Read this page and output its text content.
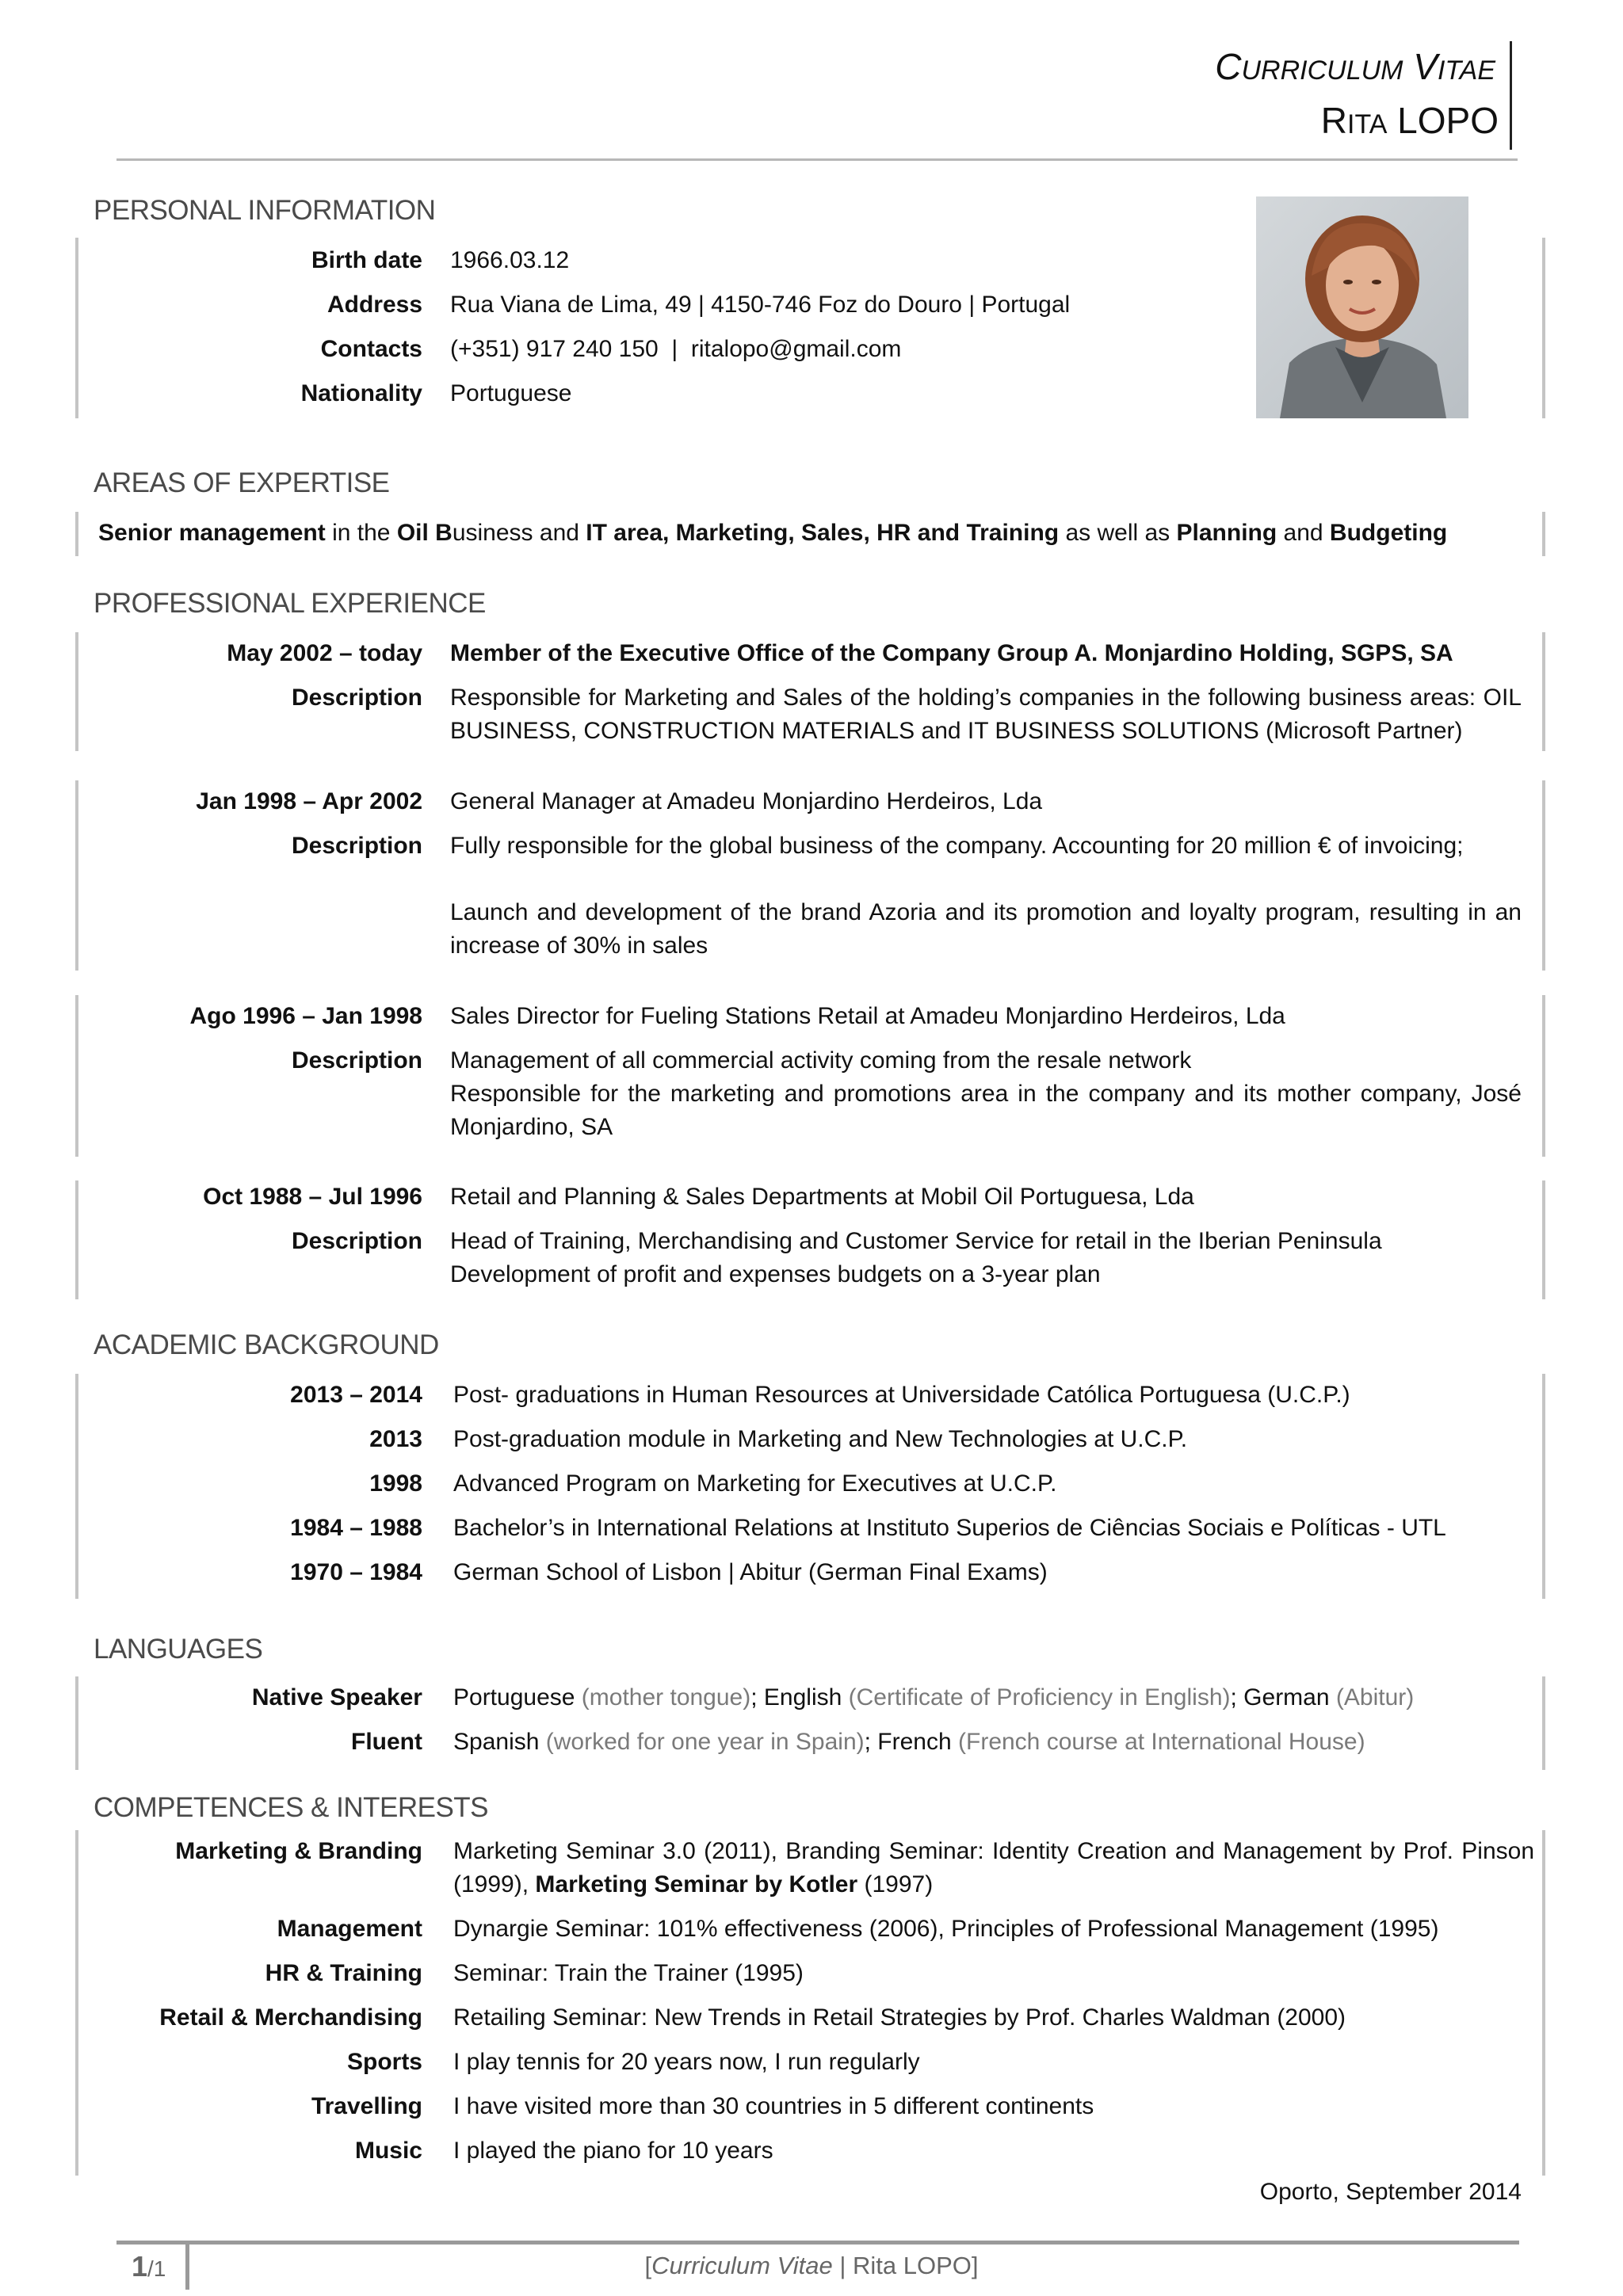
CURRICULUM VITAE
RITA LOPO
PERSONAL INFORMATION
Birth date 1966.03.12
Address Rua Viana de Lima, 49 | 4150-746 Foz do Douro | Portugal
Contacts (+351) 917 240 150  |  ritalopo@gmail.com
Nationality Portuguese
AREAS OF EXPERTISE
Senior management in the Oil Business and IT area, Marketing, Sales, HR and Training as well as Planning and Budgeting
PROFESSIONAL EXPERIENCE
May 2002 – today Member of the Executive Office of the Company Group A. Monjardino Holding, SGPS, SA
Description Responsible for Marketing and Sales of the holding’s companies in the following business areas: OIL BUSINESS, CONSTRUCTION MATERIALS and IT BUSINESS SOLUTIONS (Microsoft Partner)
Jan 1998 – Apr 2002 General Manager at Amadeu Monjardino Herdeiros, Lda
Description Fully responsible for the global business of the company. Accounting for 20 million € of invoicing;
Launch and development of the brand Azoria and its promotion and loyalty program, resulting in an increase of 30% in sales
Ago 1996 – Jan 1998 Sales Director for Fueling Stations Retail at Amadeu Monjardino Herdeiros, Lda
Description Management of all commercial activity coming from the resale network
Responsible for the marketing and promotions area in the company and its mother company, José Monjardino, SA
Oct 1988 – Jul 1996 Retail and Planning & Sales Departments at Mobil Oil Portuguesa, Lda
Description Head of Training, Merchandising and Customer Service for retail in the Iberian Peninsula
Development of profit and expenses budgets on a 3-year plan
ACADEMIC BACKGROUND
2013 – 2014 Post- graduations in Human Resources at Universidade Católica Portuguesa (U.C.P.)
2013 Post-graduation module in Marketing and New Technologies at U.C.P.
1998 Advanced Program on Marketing for Executives at U.C.P.
1984 – 1988 Bachelor’s in International Relations at Instituto Superios de Ciências Sociais e Políticas - UTL
1970 – 1984 German School of Lisbon | Abitur (German Final Exams)
LANGUAGES
Native Speaker Portuguese (mother tongue); English (Certificate of Proficiency in English); German (Abitur)
Fluent Spanish (worked for one year in Spain); French (French course at International House)
COMPETENCES & INTERESTS
Marketing & Branding Marketing Seminar 3.0 (2011), Branding Seminar: Identity Creation and Management by Prof. Pinson (1999), Marketing Seminar by Kotler (1997)
Management Dynargie Seminar: 101% effectiveness (2006), Principles of Professional Management (1995)
HR & Training Seminar: Train the Trainer (1995)
Retail & Merchandising Retailing Seminar: New Trends in Retail Strategies by Prof. Charles Waldman (2000)
Sports I play tennis for 20 years now, I run regularly
Travelling I have visited more than 30 countries in 5 different continents
Music I played the piano for 10 years
Oporto, September 2014
1/1	[Curriculum Vitae | Rita LOPO]
